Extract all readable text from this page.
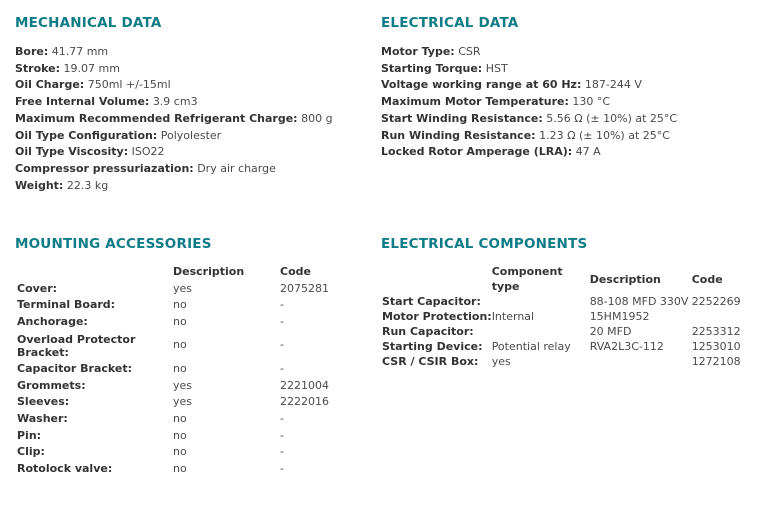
MECHANICAL DATA

Bore: 41.77 mm

Stroke: 19.07 mm

Oil Charge: 750ml +/-15ml

Free Internal Volume: 3.9 cm3

Maximum Recommended Refrigerant Charge: 800 g

Oil Type Configuration: Polyolester

Oil Type Viscosity: ISO22

Compressor pressuriazation: Dry air charge

Weight: 22.3 kg

ELECTRICAL DATA

Motor Type: CSR

Starting Torque: HST

Voltage working range at 60 Hz: 187-244 V

Maximum Motor Temperature: 130 °C

Start Winding Resistance: 5.56 Ω (± 10%) at 25°C

Run Winding Resistance: 1.23 Ω (± 10%) at 25°C

Locked Rotor Amperage (LRA): 47 A

MOUNTING ACCESSORIES
	Description	Code
Cover:	yes	2075281
Terminal Board:	no	-
Anchorage:	no	-
Overload Protector Bracket:	no	-
Capacitor Bracket:	no	-
Grommets:	yes	2221004
Sleeves:	yes	2222016
Washer:	no	-
Pin:	no	-
Clip:	no	-
Rotolock valve:	no	-
ELECTRICAL COMPONENTS
	Component type	Description	Code
Start Capacitor:		88-108 MFD 330V	2252269
Motor Protection:	Internal	15HM1952	
Run Capacitor:		20 MFD	2253312
Starting Device:	Potential relay	RVA2L3C-112	1253010
CSR / CSIR Box:	yes		1272108
